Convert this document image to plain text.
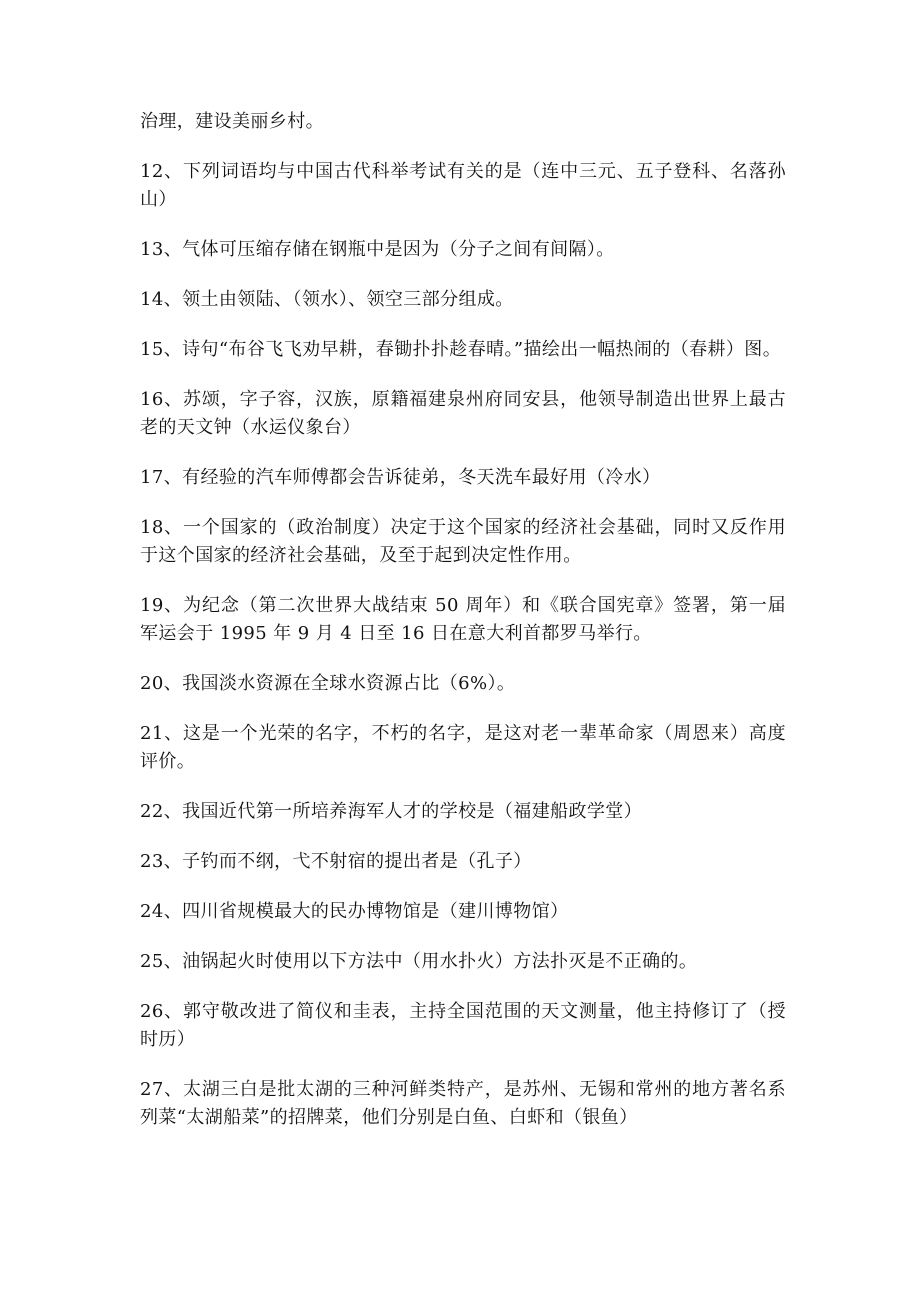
治理，建设美丽乡村。

12、下列词语均与中国古代科举考试有关的是（连中三元、五子登科、名落孙山）

13、气体可压缩存储在钢瓶中是因为（分子之间有间隔）。

14、领土由领陆、（领水）、领空三部分组成。

15、诗句“布谷飞飞劝早耕，春锄扑扑趁春晴。”描绘出一幅热闹的（春耕）图。

16、苏颂，字子容，汉族，原籍福建泉州府同安县，他领导制造出世界上最古老的天文钟（水运仪象台）

17、有经验的汽车师傅都会告诉徒弟，冬天洗车最好用（冷水）

18、一个国家的（政治制度）决定于这个国家的经济社会基础，同时又反作用于这个国家的经济社会基础，及至于起到决定性作用。

19、为纪念（第二次世界大战结束 50 周年）和《联合国宪章》签署，第一届军运会于 1995 年 9 月 4 日至 16 日在意大利首都罗马举行。

20、我国淡水资源在全球水资源占比（6%）。

21、这是一个光荣的名字，不朽的名字，是这对老一辈革命家（周恩来）高度评价。

22、我国近代第一所培养海军人才的学校是（福建船政学堂）

23、子钓而不纲，弋不射宿的提出者是（孔子）

24、四川省规模最大的民办博物馆是（建川博物馆）

25、油锅起火时使用以下方法中（用水扑火）方法扑灭是不正确的。

26、郭守敬改进了简仪和圭表，主持全国范围的天文测量，他主持修订了（授时历）

27、太湖三白是批太湖的三种河鲜类特产，是苏州、无锡和常州的地方著名系列菜“太湖船菜”的招牌菜，他们分别是白鱼、白虾和（银鱼）
